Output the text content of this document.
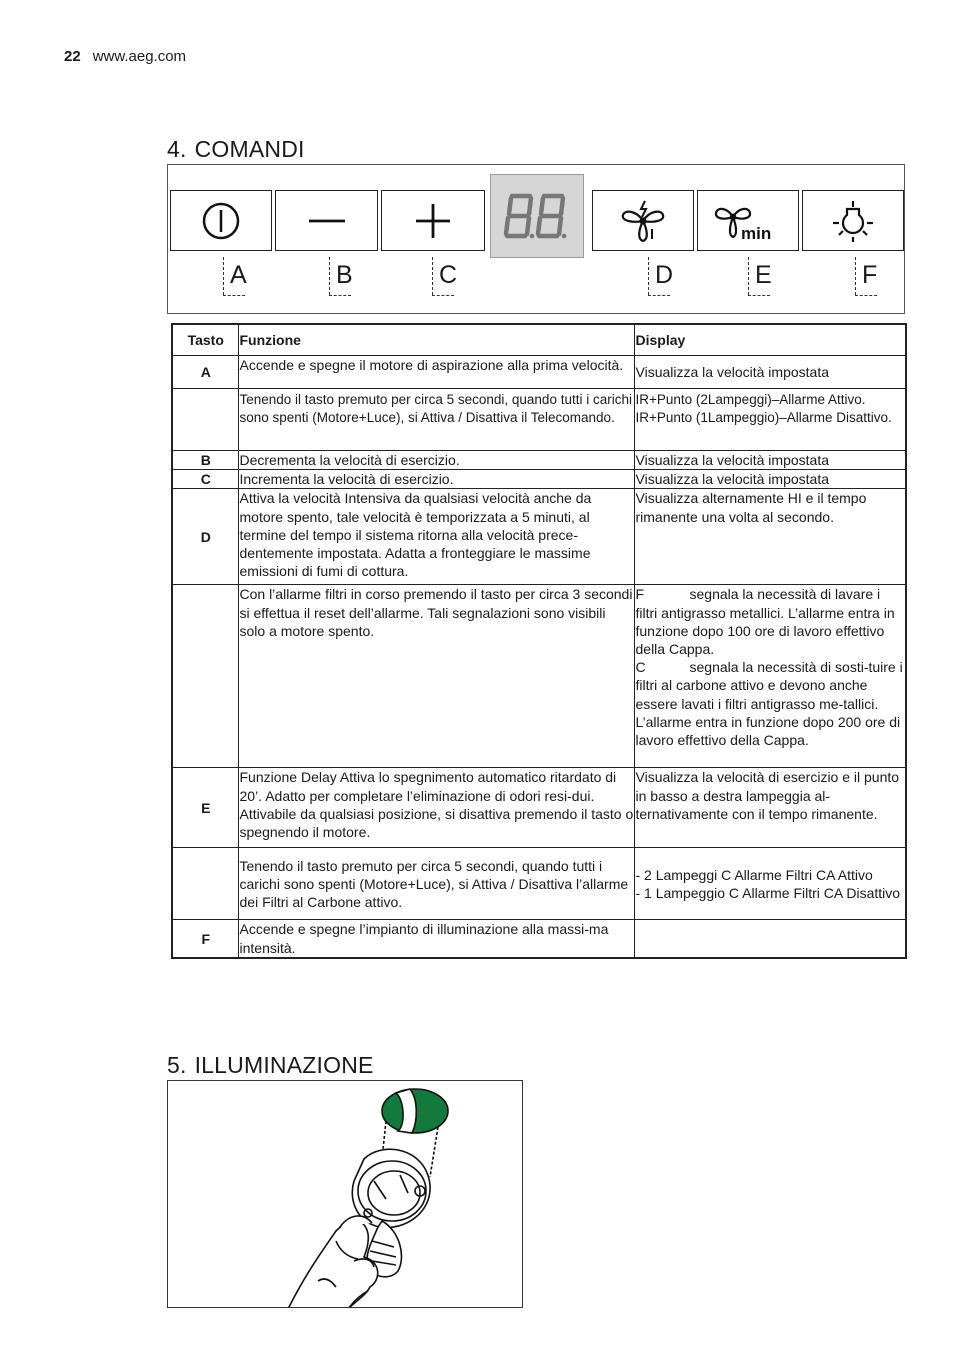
22 www.aeg.com
4. COMANDI
min
A	B	C	D	E	F
Tasto	Funzione	Display
A	Accende e spegne il motore di aspirazione alla prima velocità.	Visualizza la velocità impostata
	Tenendo il tasto premuto per circa 5 secondi, quando tutti i carichi sono spenti (Motore+Luce), si Attiva / Disattiva il Telecomando.	IR+Punto (2Lampeggi)–Allarme Attivo. IR+Punto (1Lampeggio)–Allarme Disattivo.
B	Decrementa la velocità di esercizio.	Visualizza la velocità impostata
C	Incrementa la velocità di esercizio.	Visualizza la velocità impostata
D	Attiva la velocità Intensiva da qualsiasi velocità anche da motore spento, tale velocità è temporizzata a 5 minuti, al termine del tempo il sistema ritorna alla velocità prece-dentemente impostata. Adatta a fronteggiare le massime emissioni di fumi di cottura.	Visualizza alternamente HI e il tempo rimanente una volta al secondo.
	Con l’allarme filtri in corso premendo il tasto per circa 3 secondi si effettua il reset dell’allarme. Tali segnalazioni sono visibili solo a motore spento.	F segnala la necessità di lavare i filtri antigrasso metallici. L’allarme entra in funzione dopo 100 ore di lavoro effettivo della Cappa.
C segnala la necessità di sosti-tuire i filtri al carbone attivo e devono anche essere lavati i filtri antigrasso me-tallici. L’allarme entra in funzione dopo 200 ore di lavoro effettivo della Cappa.
E	Funzione Delay Attiva lo spegnimento automatico ritardato di 20’. Adatto per completare l’eliminazione di odori resi-dui. Attivabile da qualsiasi posizione, si disattiva premendo il tasto o spegnendo il motore.	Visualizza la velocità di esercizio e il punto in basso a destra lampeggia al-ternativamente con il tempo rimanente.
	Tenendo il tasto premuto per circa 5 secondi, quando tutti i carichi sono spenti (Motore+Luce), si Attiva / Disattiva l’allarme dei Filtri al Carbone attivo.	- 2 Lampeggi C Allarme Filtri CA Attivo
- 1 Lampeggio C Allarme Filtri CA Disattivo

F	Accende e spegne l’impianto di illuminazione alla massi-ma intensità.	
5. ILLUMINAZIONE
